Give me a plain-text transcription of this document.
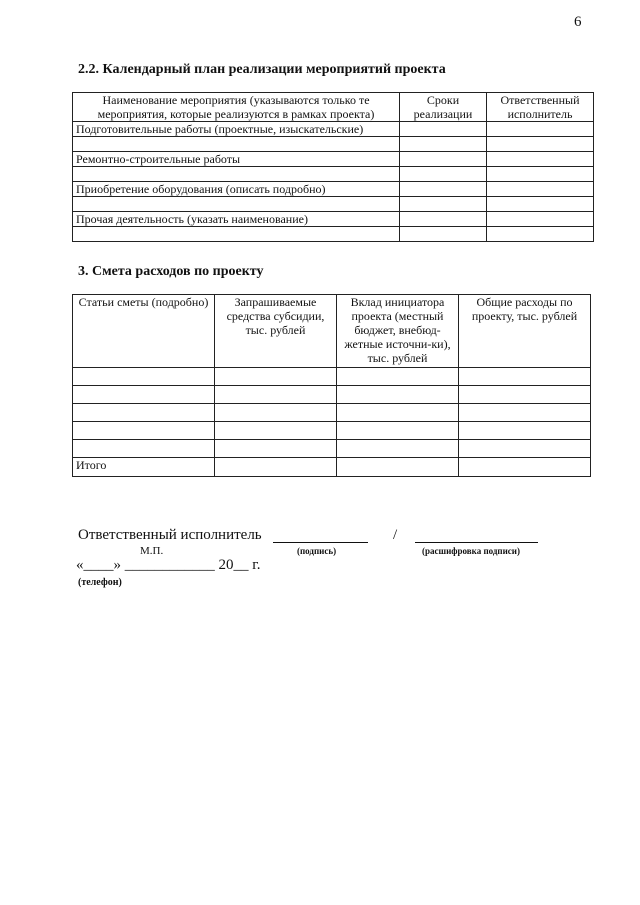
6
2.2. Календарный план реализации мероприятий проекта
Наименование мероприятия (указываются только те мероприятия, которые реализуются в рамках проекта)	Сроки реализации	Ответственный исполнитель
Подготовительные работы (проектные, изыскательские)		

Ремонтно-строительные работы		

Приобретение оборудования (описать подробно)		

Прочая деятельность (указать наименование)		

3. Смета расходов по проекту
Статьи сметы (подробно)	Запрашиваемые средства субсидии, тыс. рублей	Вклад инициатора проекта (местный бюджет, внебюд-жетные источни-ки), тыс. рублей	Общие расходы по проекту, тыс. рублей

Итого			
Ответственный исполнитель	/
М.П.	(подпись)	(расшифровка подписи)
«____» ____________ 20__ г.
(телефон)
